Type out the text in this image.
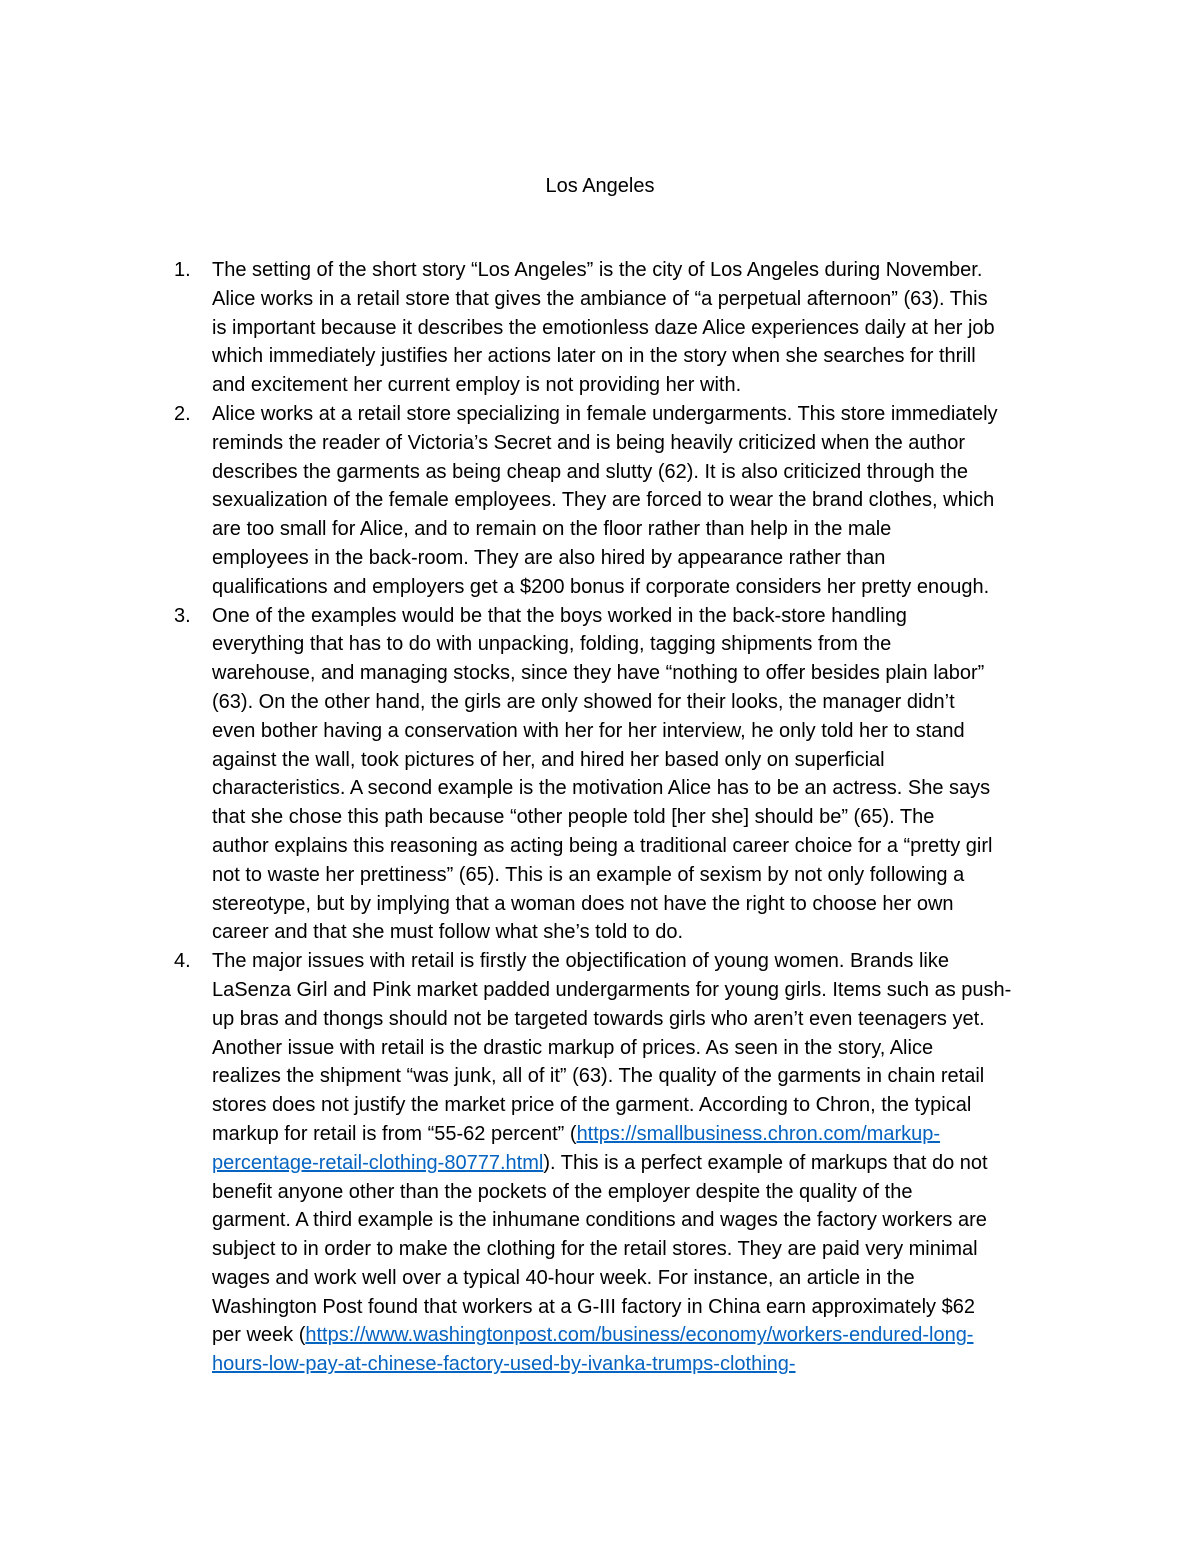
Los Angeles
1. The setting of the short story “Los Angeles” is the city of Los Angeles during November.
Alice works in a retail store that gives the ambiance of “a perpetual afternoon” (63). This
is important because it describes the emotionless daze Alice experiences daily at her job
which immediately justifies her actions later on in the story when she searches for thrill
and excitement her current employ is not providing her with.
2. Alice works at a retail store specializing in female undergarments. This store immediately
reminds the reader of Victoria’s Secret and is being heavily criticized when the author
describes the garments as being cheap and slutty (62). It is also criticized through the
sexualization of the female employees. They are forced to wear the brand clothes, which
are too small for Alice, and to remain on the floor rather than help in the male
employees in the back-room. They are also hired by appearance rather than
qualifications and employers get a $200 bonus if corporate considers her pretty enough.
3. One of the examples would be that the boys worked in the back-store handling
everything that has to do with unpacking, folding, tagging shipments from the
warehouse, and managing stocks, since they have “nothing to offer besides plain labor”
(63). On the other hand, the girls are only showed for their looks, the manager didn’t
even bother having a conservation with her for her interview, he only told her to stand
against the wall, took pictures of her, and hired her based only on superficial
characteristics. A second example is the motivation Alice has to be an actress. She says
that she chose this path because “other people told [her she] should be” (65). The
author explains this reasoning as acting being a traditional career choice for a “pretty girl
not to waste her prettiness” (65). This is an example of sexism by not only following a
stereotype, but by implying that a woman does not have the right to choose her own
career and that she must follow what she’s told to do.
4. The major issues with retail is firstly the objectification of young women. Brands like
LaSenza Girl and Pink market padded undergarments for young girls. Items such as push-
up bras and thongs should not be targeted towards girls who aren’t even teenagers yet.
Another issue with retail is the drastic markup of prices. As seen in the story, Alice
realizes the shipment “was junk, all of it” (63). The quality of the garments in chain retail
stores does not justify the market price of the garment. According to Chron, the typical
markup for retail is from “55-62 percent” (https://smallbusiness.chron.com/markup-
percentage-retail-clothing-80777.html). This is a perfect example of markups that do not
benefit anyone other than the pockets of the employer despite the quality of the
garment. A third example is the inhumane conditions and wages the factory workers are
subject to in order to make the clothing for the retail stores. They are paid very minimal
wages and work well over a typical 40-hour week. For instance, an article in the
Washington Post found that workers at a G-III factory in China earn approximately $62
per week (https://www.washingtonpost.com/business/economy/workers-endured-long-
hours-low-pay-at-chinese-factory-used-by-ivanka-trumps-clothing-
